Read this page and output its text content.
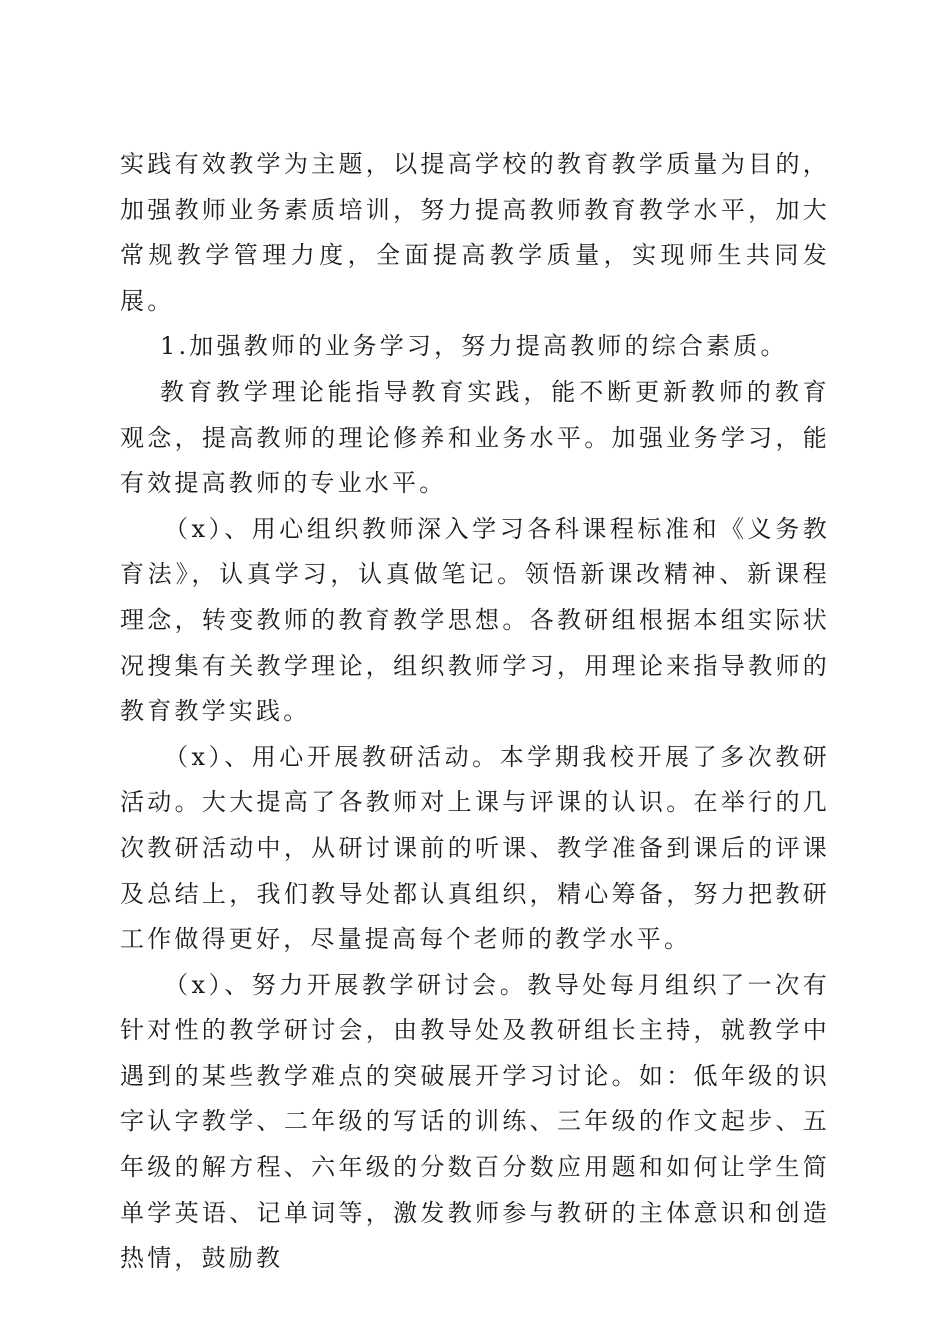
实践有效教学为主题，以提高学校的教育教学质量为目的，加强教师业务素质培训，努力提高教师教育教学水平，加大常规教学管理力度，全面提高教学质量，实现师生共同发展。

1.加强教师的业务学习，努力提高教师的综合素质。

教育教学理论能指导教育实践，能不断更新教师的教育观念，提高教师的理论修养和业务水平。加强业务学习，能有效提高教师的专业水平。

（x）、用心组织教师深入学习各科课程标准和《义务教育法》，认真学习，认真做笔记。领悟新课改精神、新课程理念，转变教师的教育教学思想。各教研组根据本组实际状况搜集有关教学理论，组织教师学习，用理论来指导教师的教育教学实践。

（x）、用心开展教研活动。本学期我校开展了多次教研活动。大大提高了各教师对上课与评课的认识。在举行的几次教研活动中，从研讨课前的听课、教学准备到课后的评课及总结上，我们教导处都认真组织，精心筹备，努力把教研工作做得更好，尽量提高每个老师的教学水平。

（x）、努力开展教学研讨会。教导处每月组织了一次有针对性的教学研讨会，由教导处及教研组长主持，就教学中遇到的某些教学难点的突破展开学习讨论。如：低年级的识字认字教学、二年级的写话的训练、三年级的作文起步、五年级的解方程、六年级的分数百分数应用题和如何让学生简单学英语、记单词等，激发教师参与教研的主体意识和创造热情，鼓励教
